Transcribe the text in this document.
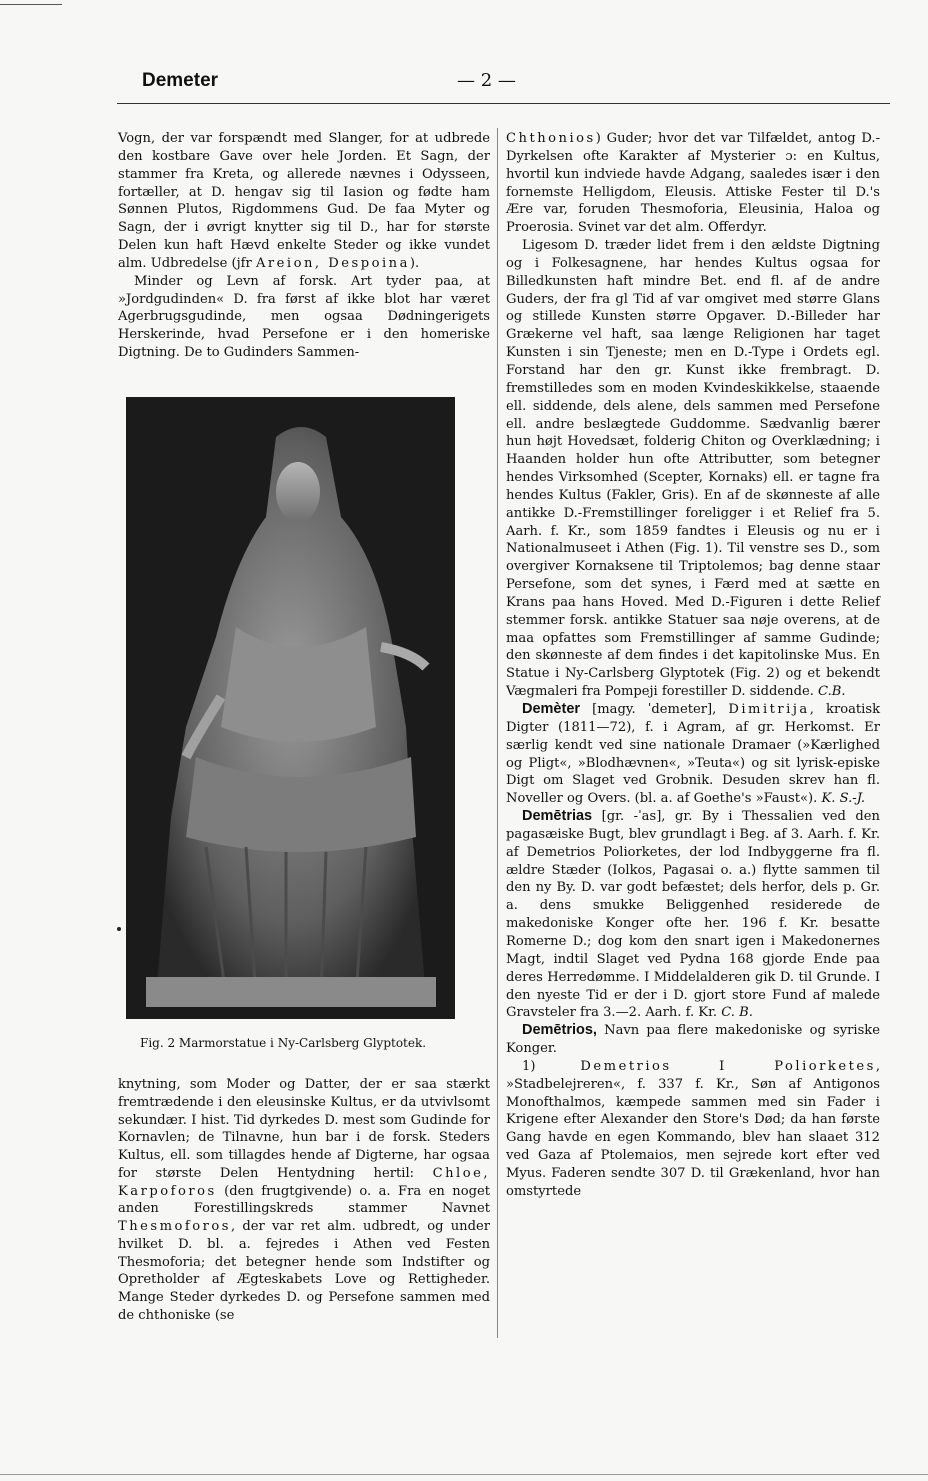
Demeter	— 2 —

Vogn, der var forspændt med Slanger, for at udbrede den kostbare Gave over hele Jorden. Et Sagn, der stammer fra Kreta, og allerede nævnes i Odysseen, fortæller, at D. hengav sig til Iasion og fødte ham Sønnen Plutos, Rigdommens Gud. De faa Myter og Sagn, der i øvrigt knytter sig til D., har for største Delen kun haft Hævd enkelte Steder og ikke vundet alm. Udbredelse (jfr Areion, Despoina).

Minder og Levn af forsk. Art tyder paa, at »Jordgudinden« D. fra først af ikke blot har været Agerbrugsgudinde, men ogsaa Dødningerigets Herskerinde, hvad Persefone er i den homeriske Digtning. De to Gudinders Sammen-

Fig. 2 Marmorstatue i Ny-Carlsberg Glyptotek.

knytning, som Moder og Datter, der er saa stærkt fremtrædende i den eleusinske Kultus, er da utvivlsomt sekundær. I hist. Tid dyrkedes D. mest som Gudinde for Kornavlen; de Tilnavne, hun bar i de forsk. Steders Kultus, ell. som tillagdes hende af Digterne, har ogsaa for største Delen Hentydning hertil: Chloe, Karpoforos (den frugtgivende) o. a. Fra en noget anden Forestillingskreds stammer Navnet Thesmoforos, der var ret alm. udbredt, og under hvilket D. bl. a. fejredes i Athen ved Festen Thesmoforia; det betegner hende som Indstifter og Opretholder af Ægteskabets Love og Rettigheder. Mange Steder dyrkedes D. og Persefone sammen med de chthoniske (se

Chthonios) Guder; hvor det var Tilfældet, antog D.-Dyrkelsen ofte Karakter af Mysterier ɔ: en Kultus, hvortil kun indviede havde Adgang, saaledes især i den fornemste Helligdom, Eleusis. Attiske Fester til D.'s Ære var, foruden Thesmoforia, Eleusinia, Haloa og Proerosia. Svinet var det alm. Offerdyr.

Ligesom D. træder lidet frem i den ældste Digtning og i Folkesagnene, har hendes Kultus ogsaa for Billedkunsten haft mindre Bet. end fl. af de andre Guders, der fra gl Tid af var omgivet med større Glans og stillede Kunsten større Opgaver. D.-Billeder har Grækerne vel haft, saa længe Religionen har taget Kunsten i sin Tjeneste; men en D.-Type i Ordets egl. Forstand har den gr. Kunst ikke frembragt. D. fremstilledes som en moden Kvindeskikkelse, staaende ell. siddende, dels alene, dels sammen med Persefone ell. andre beslægtede Guddomme. Sædvanlig bærer hun højt Hovedsæt, folderig Chiton og Overklædning; i Haanden holder hun ofte Attributter, som betegner hendes Virksomhed (Scepter, Kornaks) ell. er tagne fra hendes Kultus (Fakler, Gris). En af de skønneste af alle antikke D.-Fremstillinger foreligger i et Relief fra 5. Aarh. f. Kr., som 1859 fandtes i Eleusis og nu er i Nationalmuseet i Athen (Fig. 1). Til venstre ses D., som overgiver Kornaksene til Triptolemos; bag denne staar Persefone, som det synes, i Færd med at sætte en Krans paa hans Hoved. Med D.-Figuren i dette Relief stemmer forsk. antikke Statuer saa nøje overens, at de maa opfattes som Fremstillinger af samme Gudinde; den skønneste af dem findes i det kapitolinske Mus. En Statue i Ny-Carlsberg Glyptotek (Fig. 2) og et bekendt Vægmaleri fra Pompeji forestiller D. siddende. C.B.

Demèter [magy. ˈdemeter], Dimitrija, kroatisk Digter (1811—72), f. i Agram, af gr. Herkomst. Er særlig kendt ved sine nationale Dramaer (»Kærlighed og Pligt«, »Blodhævnen«, »Teuta«) og sit lyrisk-episke Digt om Slaget ved Grobnik. Desuden skrev han fl. Noveller og Overs. (bl. a. af Goethe's »Faust«). K. S.-J.

Demētrias [gr. -ˈas], gr. By i Thessalien ved den pagasæiske Bugt, blev grundlagt i Beg. af 3. Aarh. f. Kr. af Demetrios Poliorketes, der lod Indbyggerne fra fl. ældre Stæder (Iolkos, Pagasai o. a.) flytte sammen til den ny By. D. var godt befæstet; dels herfor, dels p. Gr. a. dens smukke Beliggenhed residerede de makedoniske Konger ofte her. 196 f. Kr. besatte Romerne D.; dog kom den snart igen i Makedonernes Magt, indtil Slaget ved Pydna 168 gjorde Ende paa deres Herredømme. I Middelalderen gik D. til Grunde. I den nyeste Tid er der i D. gjort store Fund af malede Gravsteler fra 3.—2. Aarh. f. Kr. C. B.

Demētrios, Navn paa flere makedoniske og syriske Konger.

1) Demetrios I Poliorketes, »Stadbelejreren«, f. 337 f. Kr., Søn af Antigonos Monofthalmos, kæmpede sammen med sin Fader i Krigene efter Alexander den Store's Død; da han første Gang havde en egen Kommando, blev han slaaet 312 ved Gaza af Ptolemaios, men sejrede kort efter ved Myus. Faderen sendte 307 D. til Grækenland, hvor han omstyrtede
